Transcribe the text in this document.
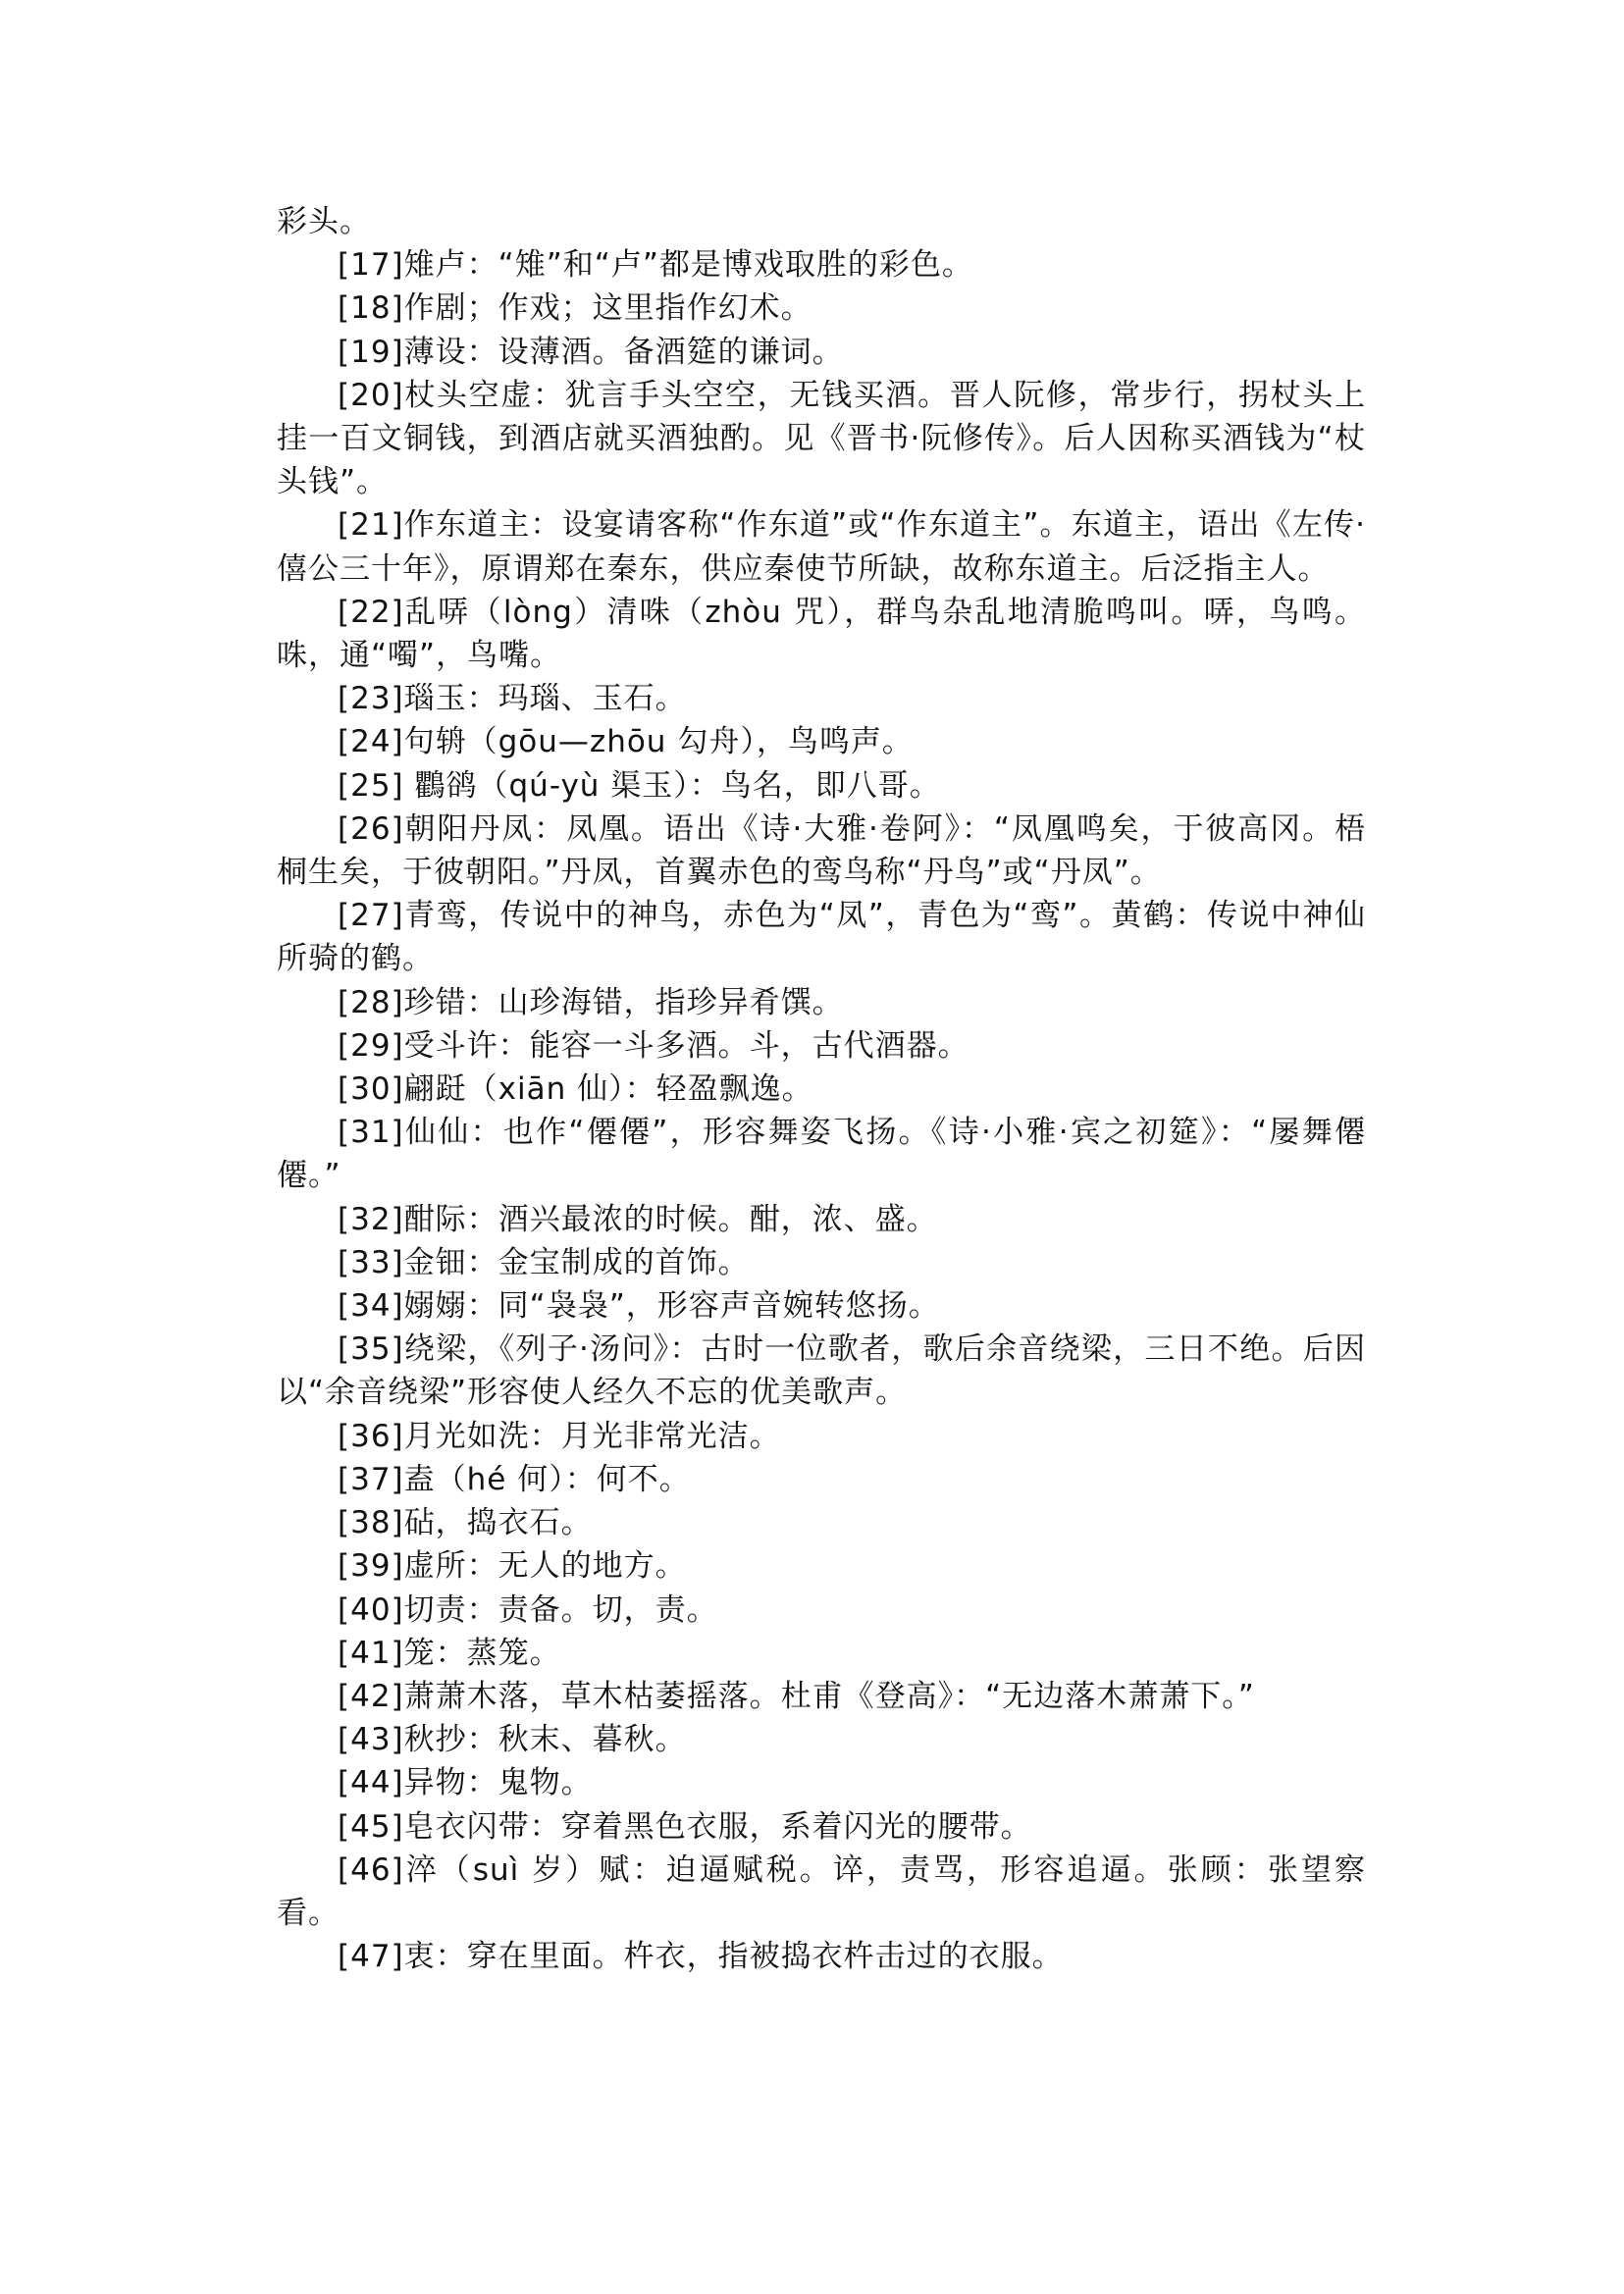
彩头。

[17]雉卢：“雉”和“卢”都是博戏取胜的彩色。

[18]作剧；作戏；这里指作幻术。

[19]薄设：设薄酒。备酒筵的谦词。

[20]杖头空虚：犹言手头空空，无钱买酒。晋人阮修，常步行，拐杖头上挂一百文铜钱，到酒店就买酒独酌。见《晋书·阮修传》。后人因称买酒钱为“杖头钱”。

[21]作东道主：设宴请客称“作东道”或“作东道主”。东道主，语出《左传·僖公三十年》，原谓郑在秦东，供应秦使节所缺，故称东道主。后泛指主人。

[22]乱哢（lòng）清咮（zhòu 咒），群鸟杂乱地清脆鸣叫。哢，鸟鸣。咮，通“噣”，鸟嘴。

[23]瑙玉：玛瑙、玉石。

[24]句辀（gōu—zhōu 勾舟），鸟鸣声。

[25] 鸜鹆（qú-yù 渠玉）：鸟名，即八哥。

[26]朝阳丹凤：凤凰。语出《诗·大雅·卷阿》：“凤凰鸣矣，于彼高冈。梧桐生矣，于彼朝阳。”丹凤，首翼赤色的鸾鸟称“丹鸟”或“丹凤”。

[27]青鸾，传说中的神鸟，赤色为“凤”，青色为“鸾”。黄鹤：传说中神仙所骑的鹤。

[28]珍错：山珍海错，指珍异肴馔。

[29]受斗许：能容一斗多酒。斗，古代酒器。

[30]翩跹（xiān 仙）：轻盈飘逸。

[31]仙仙：也作“僊僊”，形容舞姿飞扬。《诗·小雅·宾之初筵》：“屡舞僊僊。”

[32]酣际：酒兴最浓的时候。酣，浓、盛。

[33]金钿：金宝制成的首饰。

[34]嫋嫋：同“袅袅”，形容声音婉转悠扬。

[35]绕梁，《列子·汤问》：古时一位歌者，歌后余音绕梁，三日不绝。后因以“余音绕梁”形容使人经久不忘的优美歌声。

[36]月光如洗：月光非常光洁。

[37]盍（hé 何）：何不。

[38]砧，捣衣石。

[39]虚所：无人的地方。

[40]切责：责备。切，责。

[41]笼：蒸笼。

[42]萧萧木落，草木枯萎摇落。杜甫《登高》：“无边落木萧萧下。”

[43]秋抄：秋末、暮秋。

[44]异物：鬼物。

[45]皂衣闪带：穿着黑色衣服，系着闪光的腰带。

[46]淬（suì 岁）赋：迫逼赋税。谇，责骂，形容追逼。张顾：张望察看。

[47]衷：穿在里面。杵衣，指被捣衣杵击过的衣服。
